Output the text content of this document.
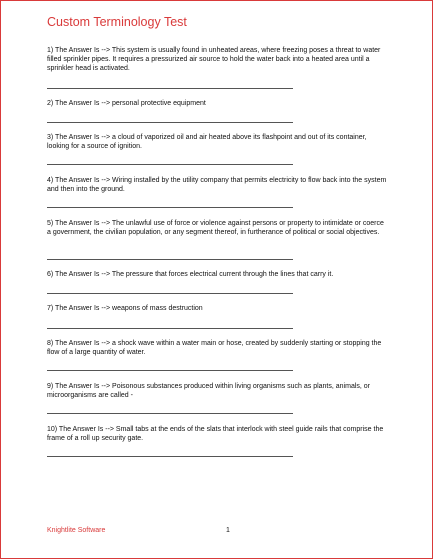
Custom Terminology Test
1) The Answer Is --> This system is usually found in unheated areas, where freezing poses a threat to water filled sprinkler pipes. It requires a pressurized air source to hold the water back into a heated area until a sprinkler head is activated.
2) The Answer Is --> personal protective equipment
3) The Answer Is --> a cloud of vaporized oil and air heated above its flashpoint and out of its container, looking for a source of ignition.
4) The Answer Is --> Wiring installed by the utility company that permits electricity to flow back into the system and then into the ground.
5) The Answer Is --> The unlawful use of force or violence against persons or property to intimidate or coerce a government, the civilian population, or any segment thereof, in furtherance of political or social objectives.
6) The Answer Is --> The pressure that forces electrical current through the lines that carry it.
7) The Answer Is --> weapons of mass destruction
8) The Answer Is --> a shock wave within a water main or hose, created by suddenly starting or stopping the flow of a large quantity of water.
9) The Answer Is --> Poisonous substances produced within living organisms such as plants, animals, or microorganisms are called -
10) The Answer Is --> Small tabs at the ends of the slats that interlock with steel guide rails that comprise the frame of a roll up security gate.
Knightlite Software	1
